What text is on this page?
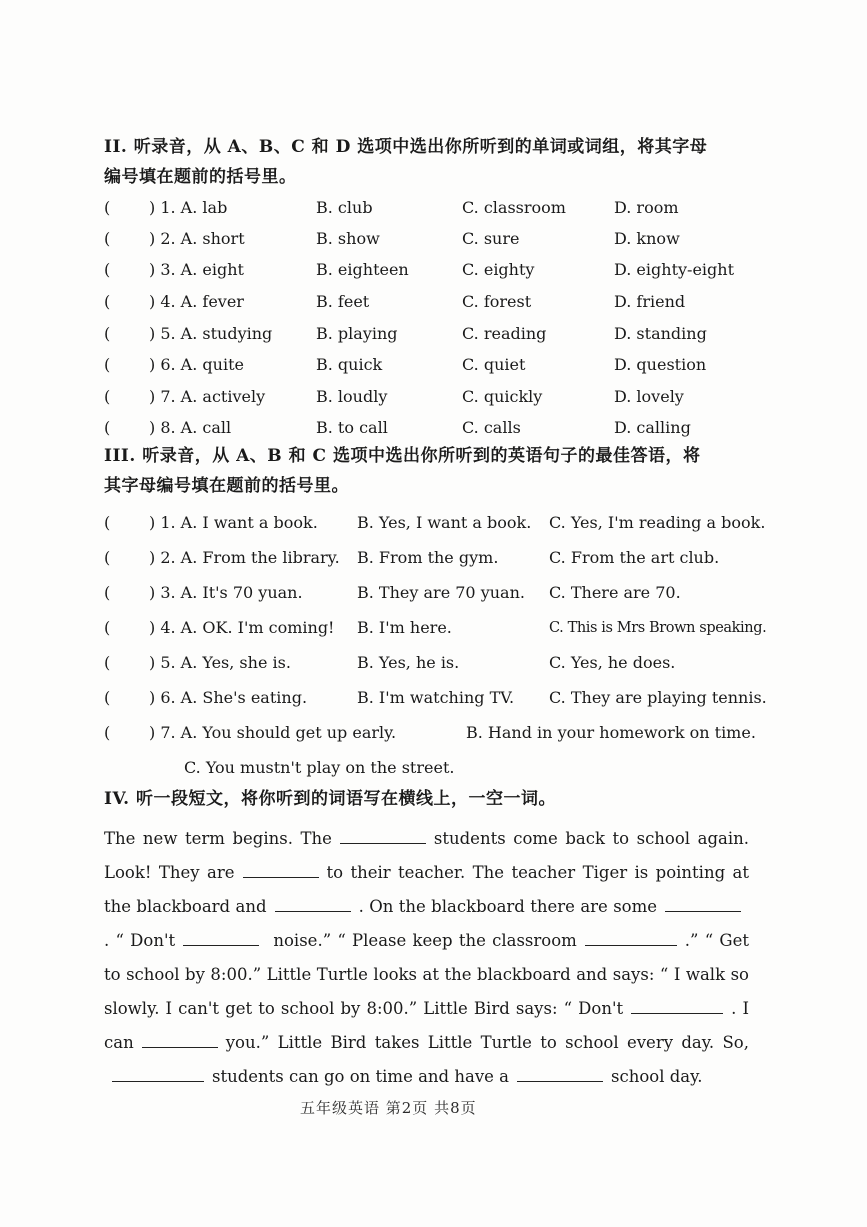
II. 听录音，从 A、B、C 和 D 选项中选出你所听到的单词或词组，将其字母
编号填在题前的括号里。
( ) 1. A. lab	B. club	C. classroom	D. room
( ) 2. A. short	B. show	C. sure	D. know
( ) 3. A. eight	B. eighteen	C. eighty	D. eighty-eight
( ) 4. A. fever	B. feet	C. forest	D. friend
( ) 5. A. studying	B. playing	C. reading	D. standing
( ) 6. A. quite	B. quick	C. quiet	D. question
( ) 7. A. actively	B. loudly	C. quickly	D. lovely
( ) 8. A. call	B. to call	C. calls	D. calling
III. 听录音，从 A、B 和 C 选项中选出你所听到的英语句子的最佳答语，将
其字母编号填在题前的括号里。
( ) 1. A. I want a book. B. Yes, I want a book. C. Yes, I'm reading a book.
( ) 2. A. From the library. B. From the gym.	C. From the art club.
( ) 3. A. It's 70 yuan.	B. They are 70 yuan. C. There are 70.
( ) 4. A. OK. I'm coming! B. I'm here.	C. This is Mrs Brown speaking.
( ) 5. A. Yes, she is.	B. Yes, he is.	C. Yes, he does.
( ) 6. A. She's eating.	B. I'm watching TV. C. They are playing tennis.
( ) 7. A. You should get up early.	B. Hand in your homework on time.
C. You mustn't play on the street.
IV. 听一段短文，将你听到的词语写在横线上，一空一词。
The new term begins. The	students come back to school again. Look! They are	to their teacher. The teacher Tiger is pointing at the blackboard and	. On the blackboard there are some. “ Don't	noise.” “ Please keep the classroom	.” “ Get to school by 8:00.” Little Turtle looks at the blackboard and says: “ I walk so slowly. I can't get to school by 8:00.” Little Bird says: “ Don't	. I can	you.” Little Bird takes Little Turtle to school every day. So,students can go on time and have a	school day.
五年级英语 第2页 共8页
